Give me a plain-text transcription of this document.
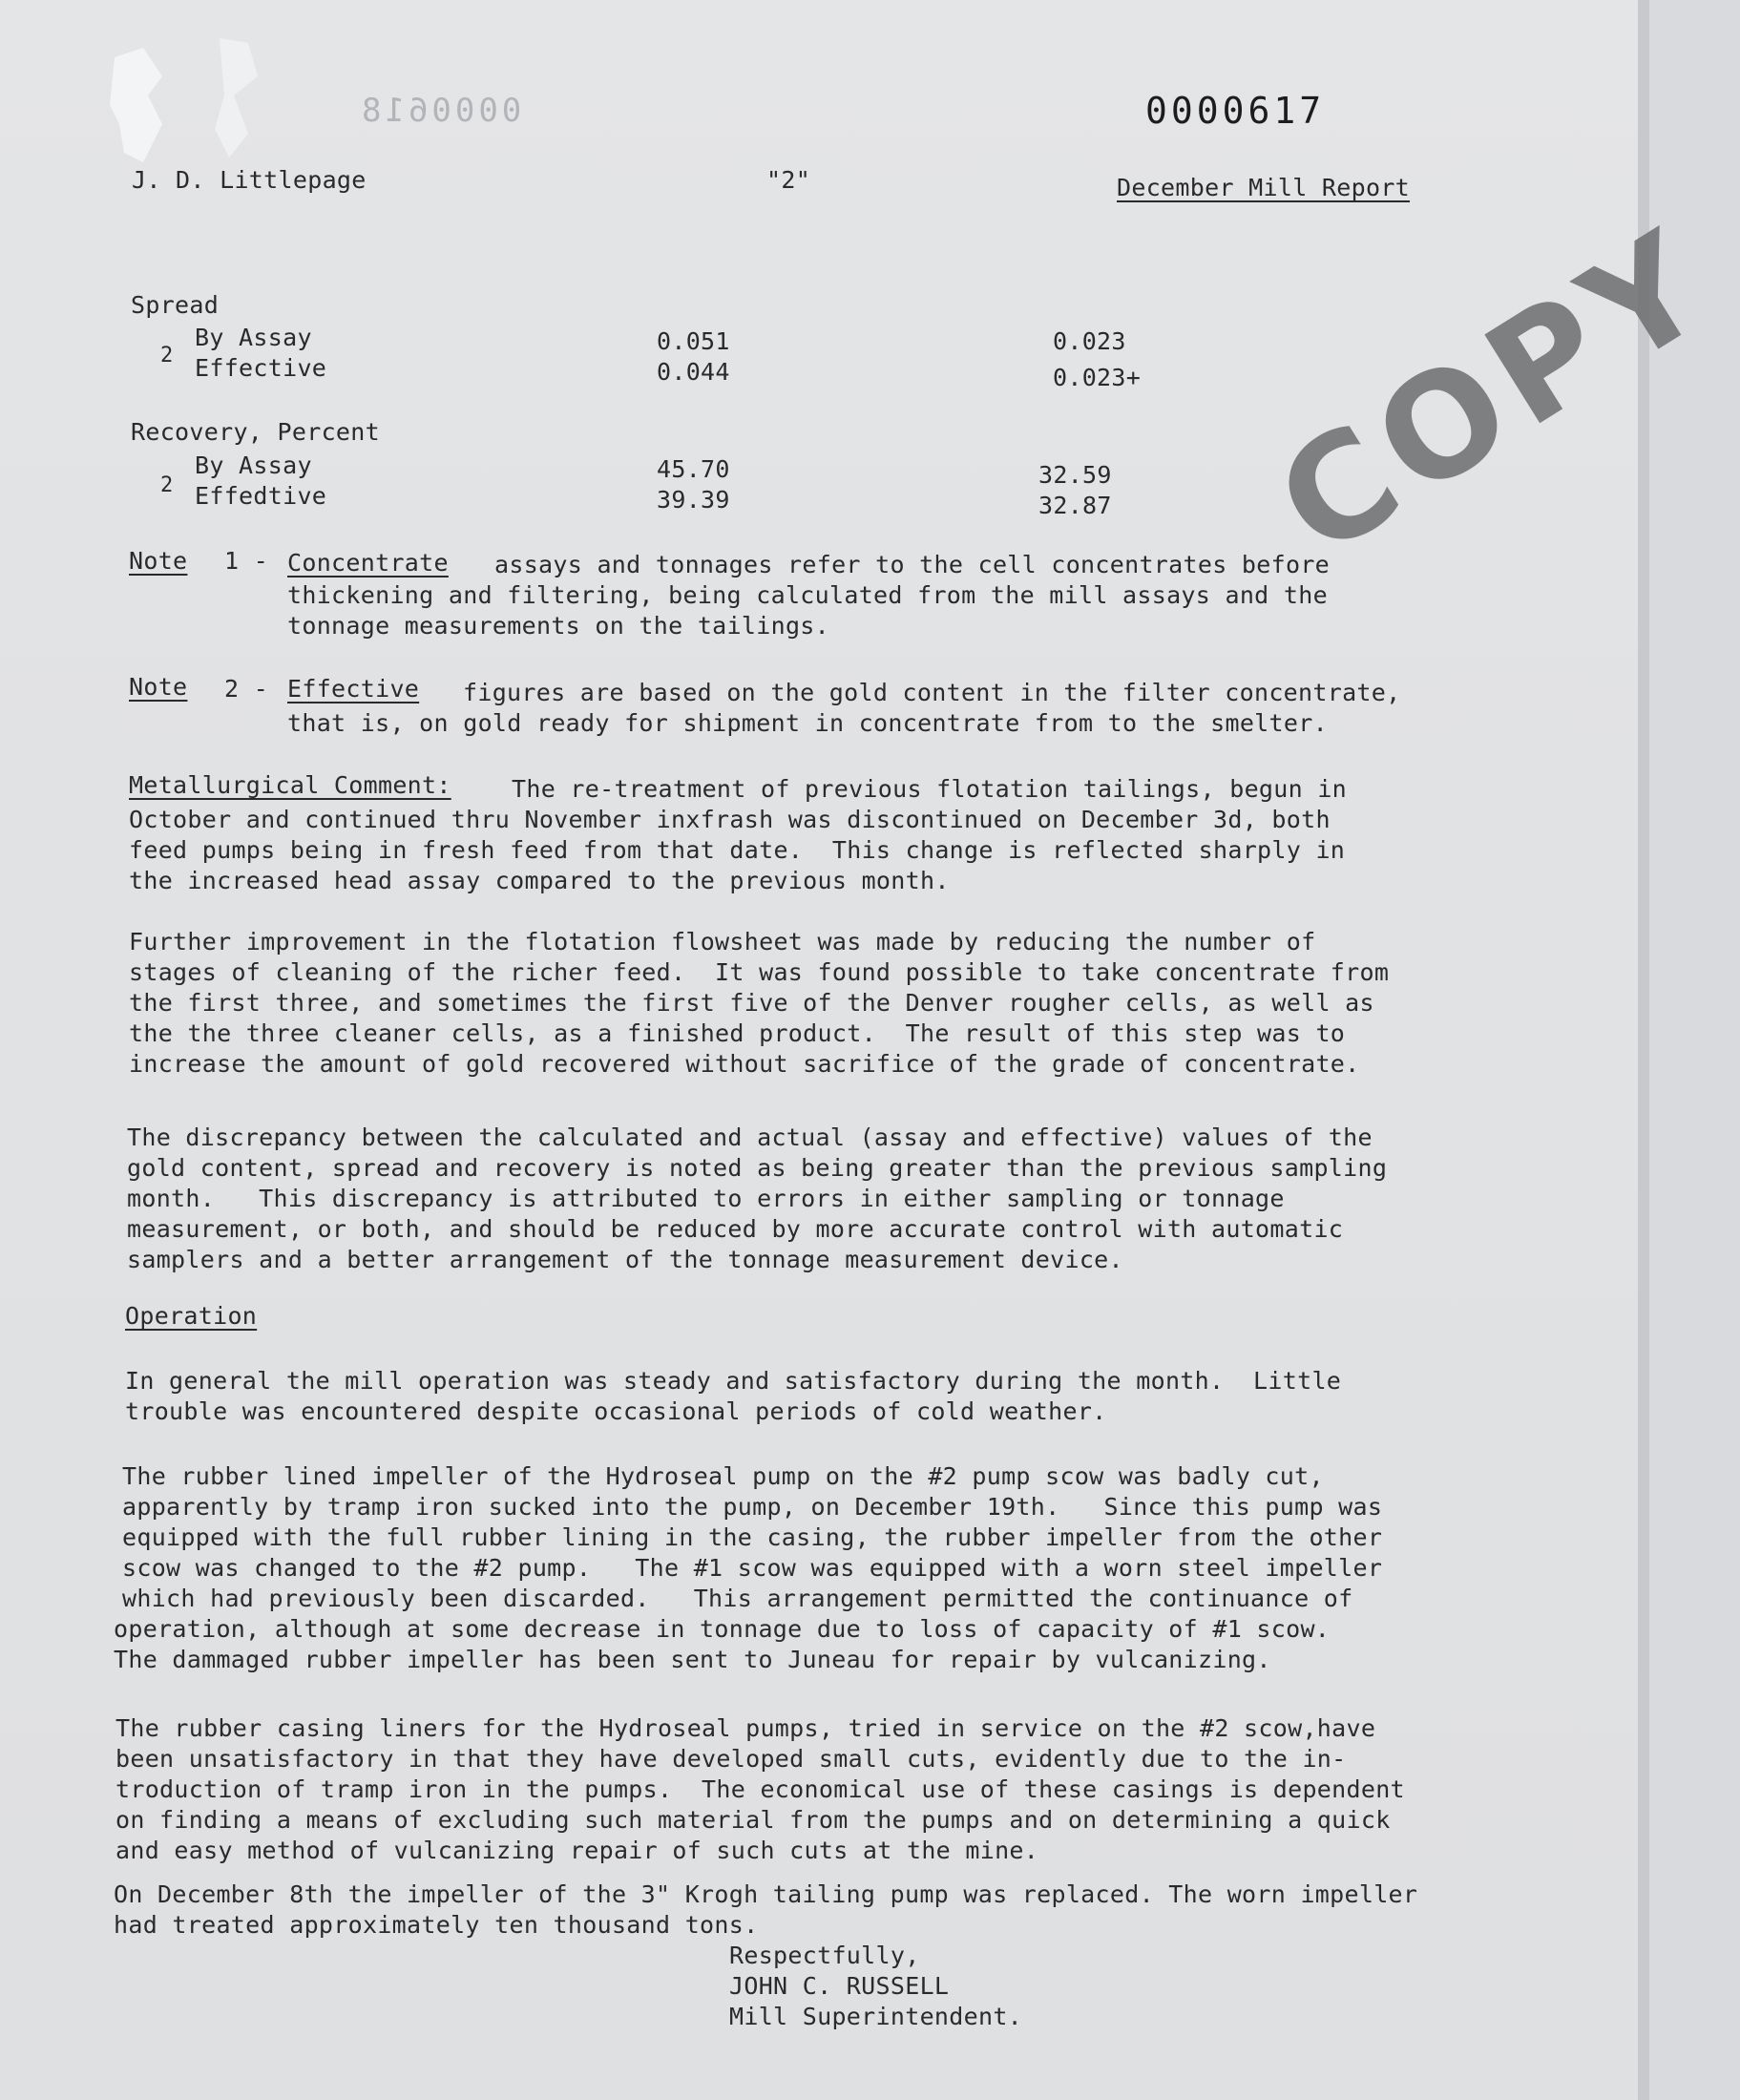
0000618	0000617
J. D. Littlepage	"2"	December Mill Report
COPY
Spread
2
By Assay	0.051	0.023
Effective	0.044	0.023+
Recovery, Percent
2
By Assay	45.70	32.59
Effedtive	39.39	32.87
Note 1 - Concentrate assays and tonnages refer to the cell concentrates before
thickening and filtering, being calculated from the mill assays and the
tonnage measurements on the tailings.
Note 2 - Effective figures are based on the gold content in the filter concentrate,
that is, on gold ready for shipment in concentrate from to the smelter.
Metallurgical Comment:	The re-treatment of previous flotation tailings, begun in
October and continued thru November inxfrash was discontinued on December 3d, both
feed pumps being in fresh feed from that date.  This change is reflected sharply in
the increased head assay compared to the previous month.
Further improvement in the flotation flowsheet was made by reducing the number of
stages of cleaning of the richer feed.  It was found possible to take concentrate from
the first three, and sometimes the first five of the Denver rougher cells, as well as
the the three cleaner cells, as a finished product.  The result of this step was to
increase the amount of gold recovered without sacrifice of the grade of concentrate.
The discrepancy between the calculated and actual (assay and effective) values of the
gold content, spread and recovery is noted as being greater than the previous sampling
month.   This discrepancy is attributed to errors in either sampling or tonnage
measurement, or both, and should be reduced by more accurate control with automatic
samplers and a better arrangement of the tonnage measurement device.
Operation
In general the mill operation was steady and satisfactory during the month.  Little
trouble was encountered despite occasional periods of cold weather.
The rubber lined impeller of the Hydroseal pump on the #2 pump scow was badly cut,
apparently by tramp iron sucked into the pump, on December 19th.   Since this pump was
equipped with the full rubber lining in the casing, the rubber impeller from the other
scow was changed to the #2 pump.   The #1 scow was equipped with a worn steel impeller
which had previously been discarded.   This arrangement permitted the continuance of
operation, although at some decrease in tonnage due to loss of capacity of #1 scow.
The dammaged rubber impeller has been sent to Juneau for repair by vulcanizing.
The rubber casing liners for the Hydroseal pumps, tried in service on the #2 scow,have
been unsatisfactory in that they have developed small cuts, evidently due to the in-
troduction of tramp iron in the pumps.  The economical use of these casings is dependent
on finding a means of excluding such material from the pumps and on determining a quick
and easy method of vulcanizing repair of such cuts at the mine.
On December 8th the impeller of the 3" Krogh tailing pump was replaced. The worn impeller
had treated approximately ten thousand tons.
Respectfully,
JOHN C. RUSSELL
Mill Superintendent.
